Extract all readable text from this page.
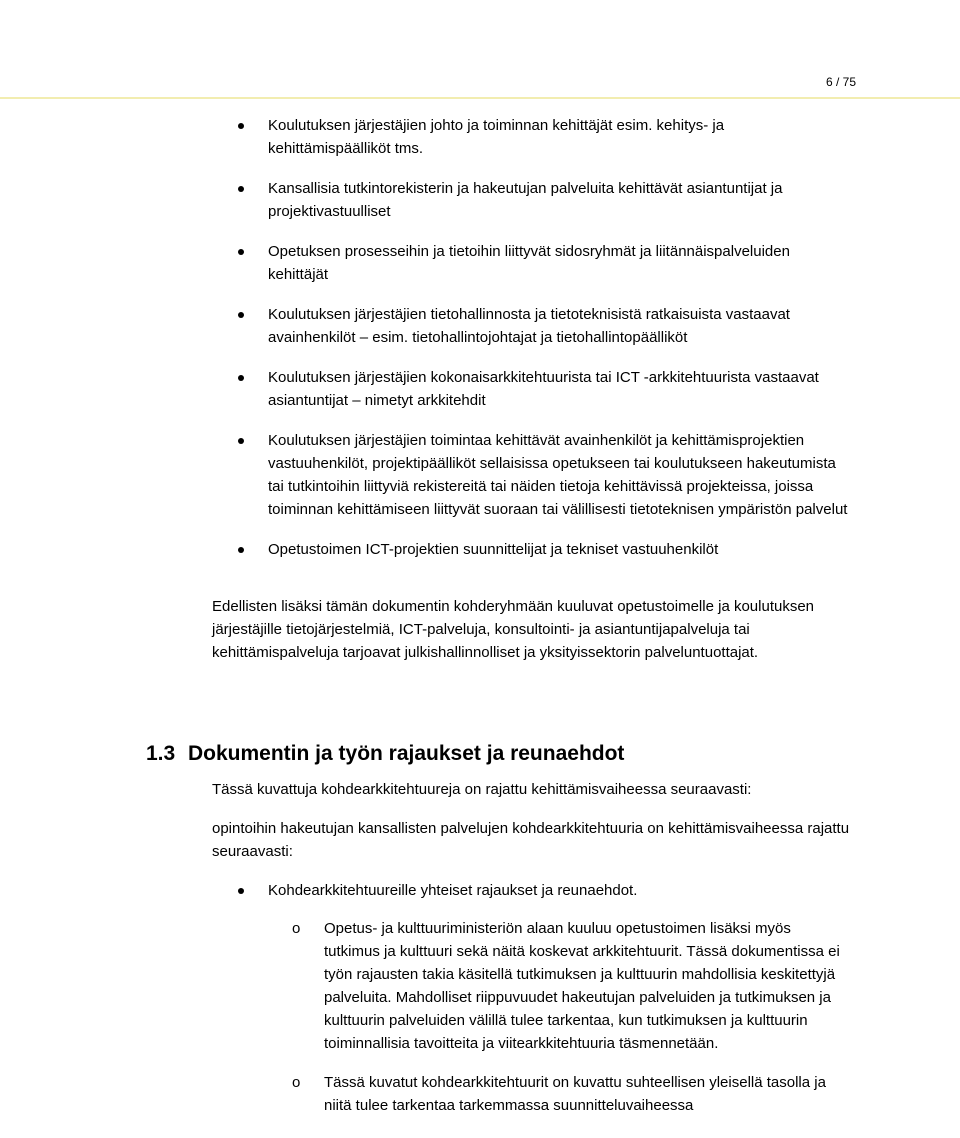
6 / 75
Koulutuksen järjestäjien johto ja toiminnan kehittäjät esim. kehitys- ja kehittämispäälliköt tms.
Kansallisia tutkintorekisterin ja hakeutujan palveluita kehittävät asiantuntijat ja projektivastuulliset
Opetuksen prosesseihin ja tietoihin liittyvät sidosryhmät ja liitännäispalveluiden kehittäjät
Koulutuksen järjestäjien tietohallinnosta ja tietoteknisistä ratkaisuista vastaavat avainhenkilöt – esim. tietohallintojohtajat ja tietohallintopäälliköt
Koulutuksen järjestäjien kokonaisarkkitehtuurista tai ICT -arkkitehtuurista vastaavat asiantuntijat – nimetyt arkkitehdit
Koulutuksen järjestäjien toimintaa kehittävät avainhenkilöt ja kehittämisprojektien vastuuhenkilöt, projektipäälliköt sellaisissa opetukseen tai koulutukseen hakeutumista tai tutkintoihin liittyviä rekistereitä tai näiden tietoja kehittävissä projekteissa, joissa toiminnan kehittämiseen liittyvät suoraan tai välillisesti tietoteknisen ympäristön palvelut
Opetustoimen ICT-projektien suunnittelijat ja tekniset vastuuhenkilöt

Edellisten lisäksi tämän dokumentin kohderyhmään kuuluvat opetustoimelle ja koulutuksen järjestäjille tietojärjestelmiä, ICT-palveluja, konsultointi- ja asiantuntijapalveluja tai kehittämispalveluja tarjoavat julkishallinnolliset ja yksityissektorin palveluntuottajat.

1.3 Dokumentin ja työn rajaukset ja reunaehdot

Tässä kuvattuja kohdearkkitehtuureja on rajattu kehittämisvaiheessa seuraavasti:

opintoihin hakeutujan kansallisten palvelujen kohdearkkitehtuuria on kehittämisvaiheessa rajattu seuraavasti:

Kohdearkkitehtuureille yhteiset rajaukset ja reunaehdot.
o Opetus- ja kulttuuriministeriön alaan kuuluu opetustoimen lisäksi myös tutkimus ja kulttuuri sekä näitä koskevat arkkitehtuurit. Tässä dokumentissa ei työn rajausten takia käsitellä tutkimuksen ja kulttuurin mahdollisia keskitettyjä palveluita. Mahdolliset riippuvuudet hakeutujan palveluiden ja tutkimuksen ja kulttuurin palveluiden välillä tulee tarkentaa, kun tutkimuksen ja kulttuurin toiminnallisia tavoitteita ja viitearkkitehtuuria täsmennetään.
o Tässä kuvatut kohdearkkitehtuurit on kuvattu suhteellisen yleisellä tasolla ja niitä tulee tarkentaa tarkemmassa suunnitteluvaiheessa
